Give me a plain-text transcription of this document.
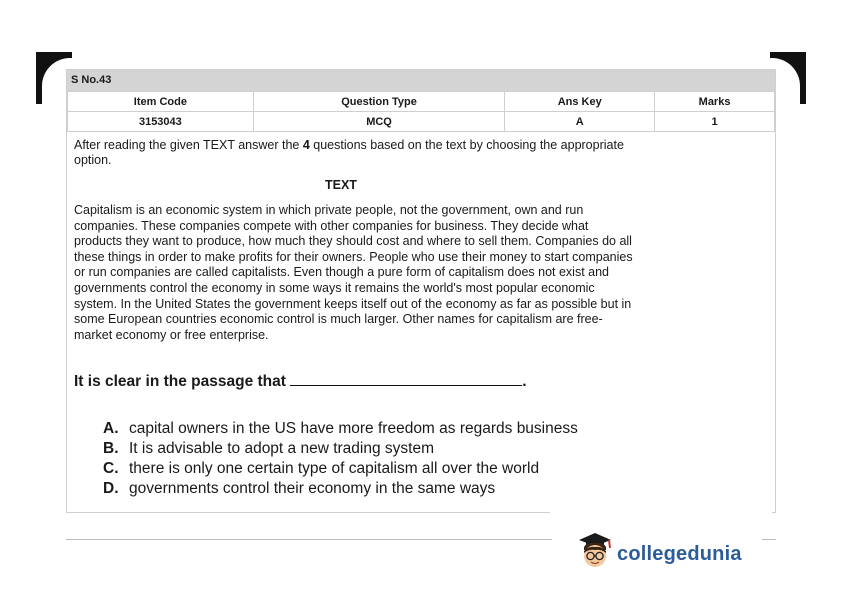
S No.43
Item Code	Question Type	Ans Key	Marks
3153043	MCQ	A	1
After reading the given TEXT answer the 4 questions based on the text by choosing the appropriate option.
TEXT
Capitalism is an economic system in which private people, not the government, own and run companies. These companies compete with other companies for business. They decide what products they want to produce, how much they should cost and where to sell them. Companies do all these things in order to make profits for their owners. People who use their money to start companies or run companies are called capitalists. Even though a pure form of capitalism does not exist and governments control the economy in some ways it remains the world's most popular economic system. In the United States the government keeps itself out of the economy as far as possible but in some European countries economic control is much larger. Other names for capitalism are free-market economy or free enterprise.
It is clear in the passage that	.
A. capital owners in the US have more freedom as regards business
B. It is advisable to adopt a new trading system
C. there is only one certain type of capitalism all over the world
D. governments control their economy in the same ways
collegedunia
